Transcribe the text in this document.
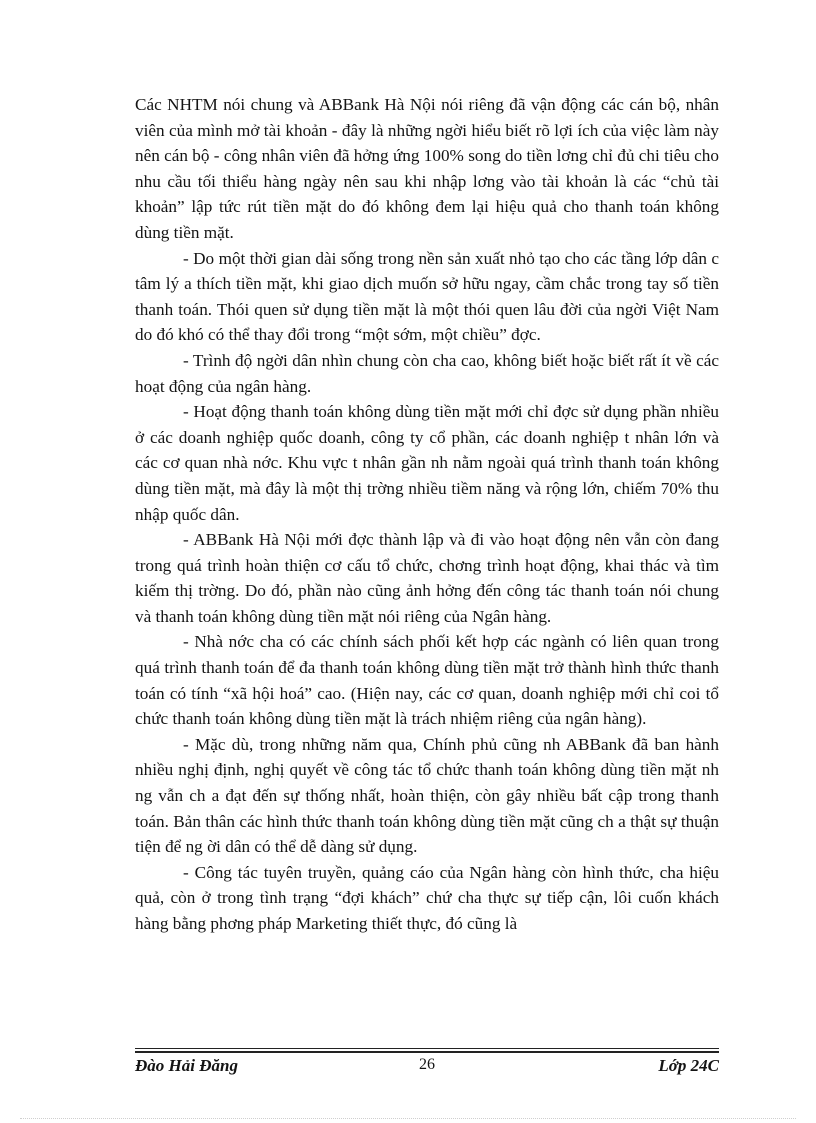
Các NHTM nói chung và ABBank Hà Nội nói riêng đã vận động các cán bộ, nhân viên của mình mở tài khoản - đây là những ngời hiểu biết rõ lợi ích của việc làm này nên cán bộ - công nhân viên đã hởng ứng 100% song do tiền lơng chỉ đủ chi tiêu cho nhu cầu tối thiểu hàng ngày nên sau khi nhập lơng vào tài khoản là các “chủ tài khoản” lập tức rút tiền mặt do đó không đem lại hiệu quả cho thanh toán không dùng tiền mặt.

- Do một thời gian dài sống trong nền sản xuất nhỏ tạo cho các tầng lớp dân c tâm lý a thích tiền mặt, khi giao dịch muốn sở hữu ngay, cầm chắc trong tay số tiền thanh toán. Thói quen sử dụng tiền mặt là một thói quen lâu đời của ngời Việt Nam do đó khó có thể thay đổi trong “một sớm, một chiều” đợc.

- Trình độ ngời dân nhìn chung còn cha cao, không biết hoặc biết rất ít về các hoạt động của ngân hàng.

- Hoạt động thanh toán không dùng tiền mặt mới chỉ đợc sử dụng phần nhiều ở các doanh nghiệp quốc doanh, công ty cổ phần, các doanh nghiệp t nhân lớn và các cơ quan nhà nớc. Khu vực t nhân gần nh nằm ngoài quá trình thanh toán không dùng tiền mặt, mà đây là một thị trờng nhiều tiềm năng và rộng lớn, chiếm 70% thu nhập quốc dân.

- ABBank Hà Nội mới đợc thành lập và đi vào hoạt động nên vẫn còn đang trong quá trình hoàn thiện cơ cấu tổ chức, chơng trình hoạt động, khai thác và tìm kiếm thị trờng. Do đó, phần nào cũng ảnh hởng đến công tác thanh toán nói chung và thanh toán không dùng tiền mặt nói riêng của Ngân hàng.

- Nhà nớc cha có các chính sách phối kết hợp các ngành có liên quan trong quá trình thanh toán để đa thanh toán không dùng tiền mặt trở thành hình thức thanh toán có tính “xã hội hoá” cao. (Hiện nay, các cơ quan, doanh nghiệp mới chỉ coi tổ chức thanh toán không dùng tiền mặt là trách nhiệm riêng của ngân hàng).

- Mặc dù, trong những năm qua, Chính phủ cũng nh ABBank đã ban hành nhiều nghị định, nghị quyết về công tác tổ chức thanh toán không dùng tiền mặt nh ng vẫn ch a đạt đến sự thống nhất, hoàn thiện, còn gây nhiều bất cập trong thanh toán. Bản thân các hình thức thanh toán không dùng tiền mặt cũng ch a thật sự thuận tiện để ng ời dân có thể dễ dàng sử dụng.

- Công tác tuyên truyền, quảng cáo của Ngân hàng còn hình thức, cha hiệu quả, còn ở trong tình trạng “đợi khách” chứ cha thực sự tiếp cận, lôi cuốn khách hàng bằng phơng pháp Marketing thiết thực, đó cũng là

Đào Hải Đăng	26	Lớp 24C
